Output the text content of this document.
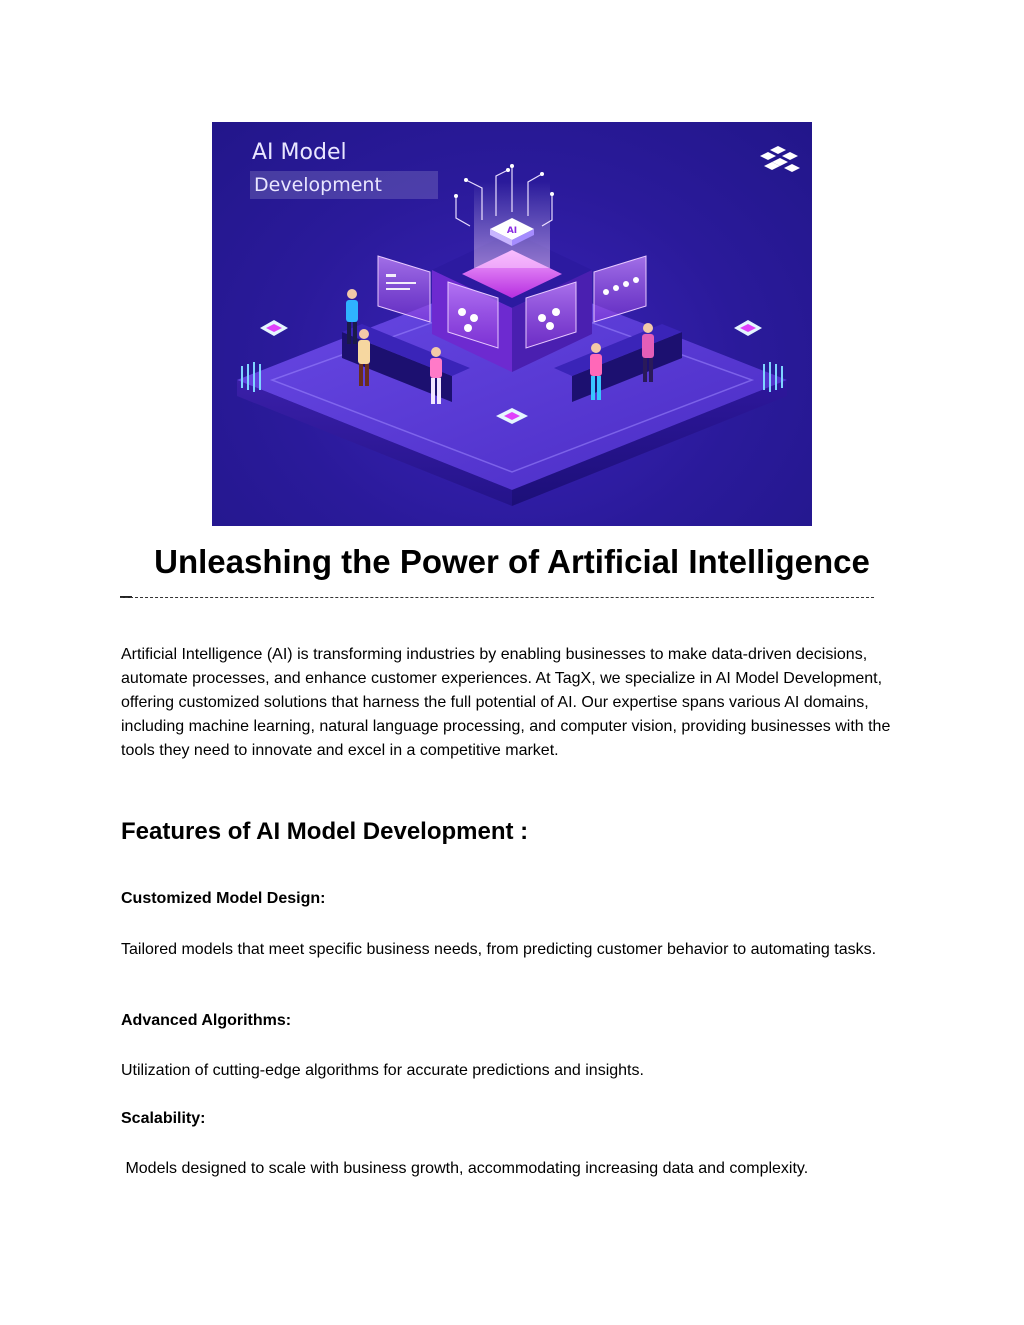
AI
AI Model
Development
Unleashing the Power of Artificial Intelligence

Artificial Intelligence (AI) is transforming industries by enabling businesses to make data-driven decisions, automate processes, and enhance customer experiences. At TagX, we specialize in AI Model Development, offering customized solutions that harness the full potential of AI. Our expertise spans various AI domains, including machine learning, natural language processing, and computer vision, providing businesses with the tools they need to innovate and excel in a competitive market.

Features of AI Model Development :
Customized Model Design:
Tailored models that meet specific business needs, from predicting customer behavior to automating tasks.
Advanced Algorithms:
Utilization of cutting-edge algorithms for accurate predictions and insights.
Scalability:
Models designed to scale with business growth, accommodating increasing data and complexity.
